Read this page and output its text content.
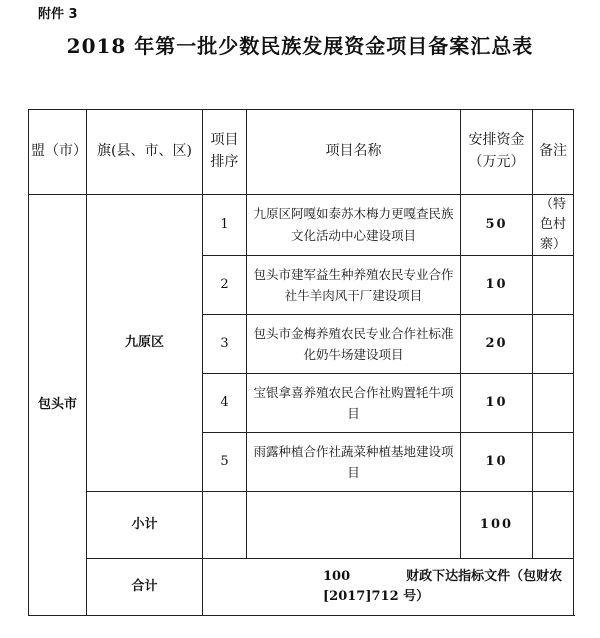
附件 3
2018 年第一批少数民族发展资金项目备案汇总表
盟（市）	旗(县、市、区)	项目排序	项目名称	安排资金（万元）	备注
包头市	九原区	1	九原区阿嘎如泰苏木梅力更嘎查民族文化活动中心建设项目	50	（特色村寨）
		2	包头市建军益生种养殖农民专业合作社牛羊肉风干厂建设项目	10	
		3	包头市金梅养殖农民专业合作社标准化奶牛场建设项目	20	
		4	宝银拿喜养殖农民合作社购置牦牛项目	10	
		5	雨露种植合作社蔬菜种植基地建设项目	10	
	小计			100	
	合计	100 财政下达指标文件（包财农[2017]712 号）			
